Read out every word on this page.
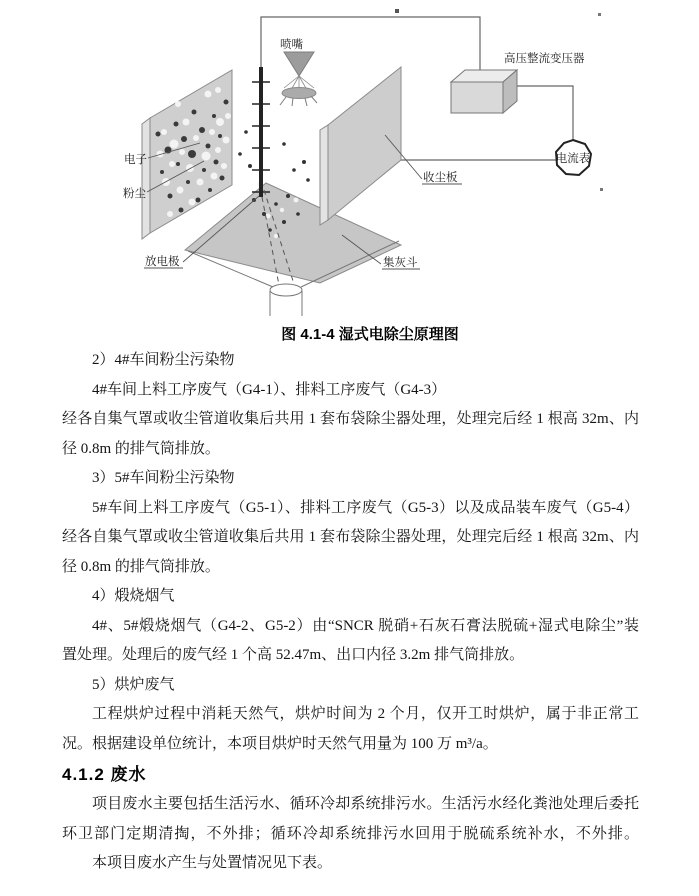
电流表
喷嘴
高压整流变压器
电子
粉尘
放电极
收尘板
集灰斗
图 4.1-4 湿式电除尘原理图
2）4#车间粉尘污染物
4#车间上料工序废气（G4-1）、排料工序废气（G4-3）
经各自集气罩或收尘管道收集后共用 1 套布袋除尘器处理，处理完后经 1 根高 32m、内
径 0.8m 的排气筒排放。
3）5#车间粉尘污染物
5#车间上料工序废气（G5-1）、排料工序废气（G5-3）以及成品装车废气（G5-4）
经各自集气罩或收尘管道收集后共用 1 套布袋除尘器处理，处理完后经 1 根高 32m、内
径 0.8m 的排气筒排放。
4）煅烧烟气
4#、5#煅烧烟气（G4-2、G5-2）由“SNCR 脱硝+石灰石膏法脱硫+湿式电除尘”装
置处理。处理后的废气经 1 个高 52.47m、出口内径 3.2m 排气筒排放。
5）烘炉废气
工程烘炉过程中消耗天然气，烘炉时间为 2 个月，仅开工时烘炉，属于非正常工
况。根据建设单位统计，本项目烘炉时天然气用量为 100 万 m³/a。
4.1.2 废水
项目废水主要包括生活污水、循环冷却系统排污水。生活污水经化粪池处理后委托
环卫部门定期清掏，不外排；循环冷却系统排污水回用于脱硫系统补水，不外排。
本项目废水产生与处置情况见下表。
